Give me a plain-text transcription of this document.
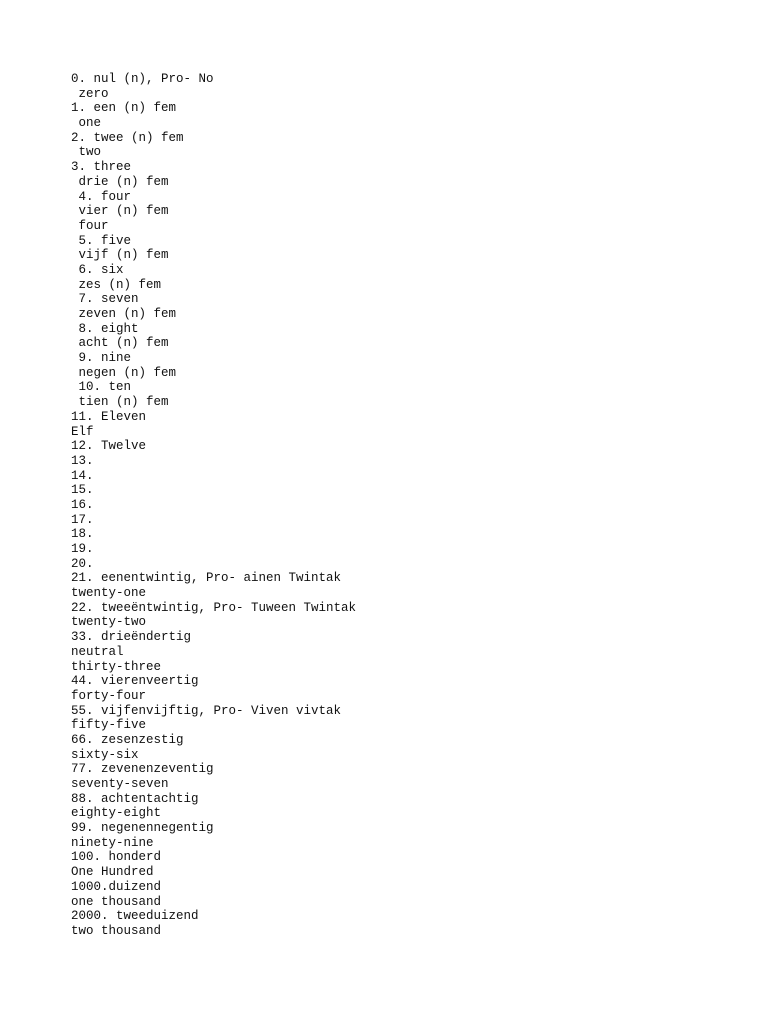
0. nul (n), Pro- No
zero
1. een (n) fem
one
2. twee (n) fem
two
3. three
drie (n) fem
4. four
vier (n) fem
four
5. five
vijf (n) fem
6. six
zes (n) fem
7. seven
zeven (n) fem
8. eight
acht (n) fem
9. nine
negen (n) fem
10. ten
tien (n) fem
11. Eleven
Elf
12. Twelve
13.
14.
15.
16.
17.
18.
19.
20.
21. eenentwintig, Pro- ainen Twintak
twenty-one
22. tweeëntwintig, Pro- Tuween Twintak
twenty-two
33. drieëndertig
neutral
thirty-three
44. vierenveertig
forty-four
55. vijfenvijftig, Pro- Viven vivtak
fifty-five
66. zesenzestig
sixty-six
77. zevenenzeventig
seventy-seven
88. achtentachtig
eighty-eight
99. negenennegentig
ninety-nine
100. honderd
One Hundred
1000.duizend
one thousand
2000. tweeduizend
two thousand
